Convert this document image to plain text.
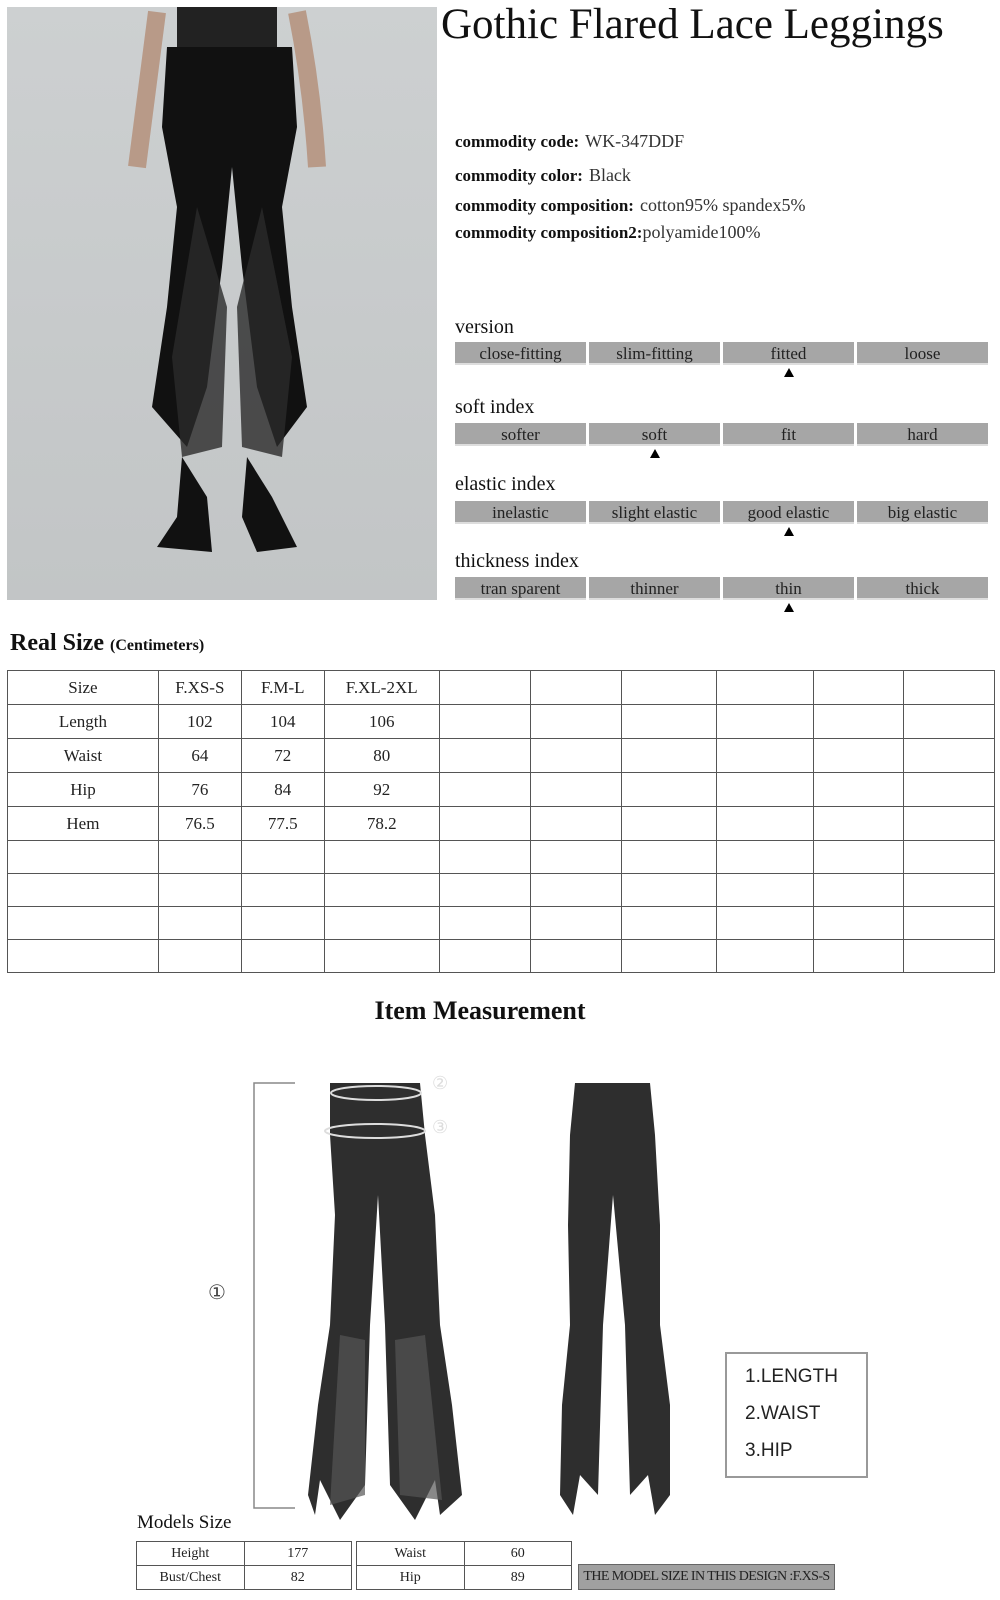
Gothic Flared Lace Leggings
commodity code: WK-347DDF
commodity color: Black
commodity composition: cotton95% spandex5%
commodity composition2:polyamide100%
version
close-fitting	slim-fitting	fitted	loose
soft index
softer	soft	fit	hard
elastic index
inelastic	slight elastic	good elastic	big elastic
thickness index
tran sparent	thinner	thin	thick
Real Size (Centimeters)
Size	F.XS-S	F.M-L	F.XL-2XL						
Length	102	104	106						
Waist	64	72	80						
Hip	76	84	92						
Hem	76.5	77.5	78.2						

Item Measurement
①
②
③
1.LENGTH
2.WAIST
3.HIP
Models Size
Height	177
Bust/Chest	82
Waist	60
Hip	89	THE MODEL SIZE IN THIS DESIGN :F.XS-S
